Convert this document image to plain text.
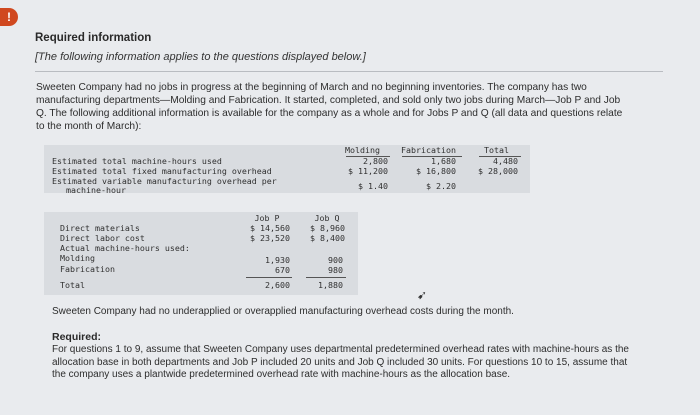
!
Required information
[The following information applies to the questions displayed below.]
Sweeten Company had no jobs in progress at the beginning of March and no beginning inventories. The company has two manufacturing departments—Molding and Fabrication. It started, completed, and sold only two jobs during March—Job P and Job Q. The following additional information is available for the company as a whole and for Jobs P and Q (all data and questions relate to the month of March):
Molding	Fabrication	Total
Estimated total machine-hours used	2,800	1,680	4,480
Estimated total fixed manufacturing overhead	$ 11,200	$ 16,800	$ 28,000
Estimated variable manufacturing overhead per
machine-hour	$ 1.40	$ 2.20
Job P	Job Q
Direct materials	$ 14,560	$ 8,960
Direct labor cost	$ 23,520	$ 8,400
Actual machine-hours used:
Molding	1,930	900
Fabrication	670	980
Total	2,600	1,880
Sweeten Company had no underapplied or overapplied manufacturing overhead costs during the month.
Required:
For questions 1 to 9, assume that Sweeten Company uses departmental predetermined overhead rates with machine-hours as the allocation base in both departments and Job P included 20 units and Job Q included 30 units. For questions 10 to 15, assume that the company uses a plantwide predetermined overhead rate with machine-hours as the allocation base.
➹
